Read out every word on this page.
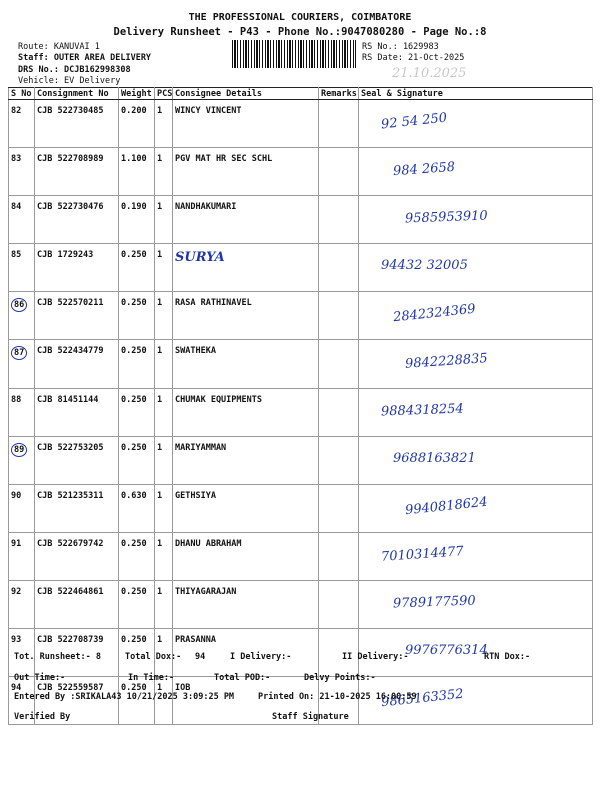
THE PROFESSIONAL COURIERS, COIMBATORE
Delivery Runsheet - P43 - Phone No.:9047080280 - Page No.:8
Route: KANUVAI 1
Staff: OUTER AREA DELIVERY
DRS No.: DCJB162998308
Vehicle: EV Delivery
RS No.: 1629983
RS Date: 21-Oct-2025
21.10.2025
S No	Consignment No	Weight	PCS	Consignee Details	Remarks	Seal & Signature
82	CJB 522730485	0.200	1	WINCY VINCENT		92 54 250
83	CJB 522708989	1.100	1	PGV MAT HR SEC SCHL		984 2658
84	CJB 522730476	0.190	1	NANDHAKUMARI		9585953910
85	CJB 1729243	0.250	1	SURYA		94432 32005
86	CJB 522570211	0.250	1	RASA RATHINAVEL		2842324369
87	CJB 522434779	0.250	1	SWATHEKA		9842228835
88	CJB 81451144	0.250	1	CHUMAK EQUIPMENTS		9884318254
89	CJB 522753205	0.250	1	MARIYAMMAN		9688163821
90	CJB 521235311	0.630	1	GETHSIYA		9940818624
91	CJB 522679742	0.250	1	DHANU ABRAHAM		7010314477
92	CJB 522464861	0.250	1	THIYAGARAJAN		9789177590
93	CJB 522708739	0.250	1	PRASANNA		9976776314
94	CJB 522559587	0.250	1	IOB		9865163352
Tot. Runsheet:- 8	Total Dox:- 94	I Delivery:-	II Delivery:-	RTN Dox:-
Out Time:-	In Time:-	Total POD:-	Delvy Points:-
Entered By :SRIKALA43 10/21/2025 3:09:25 PM	Printed On: 21-10-2025 16:00:59
Verified By	Staff Signature
